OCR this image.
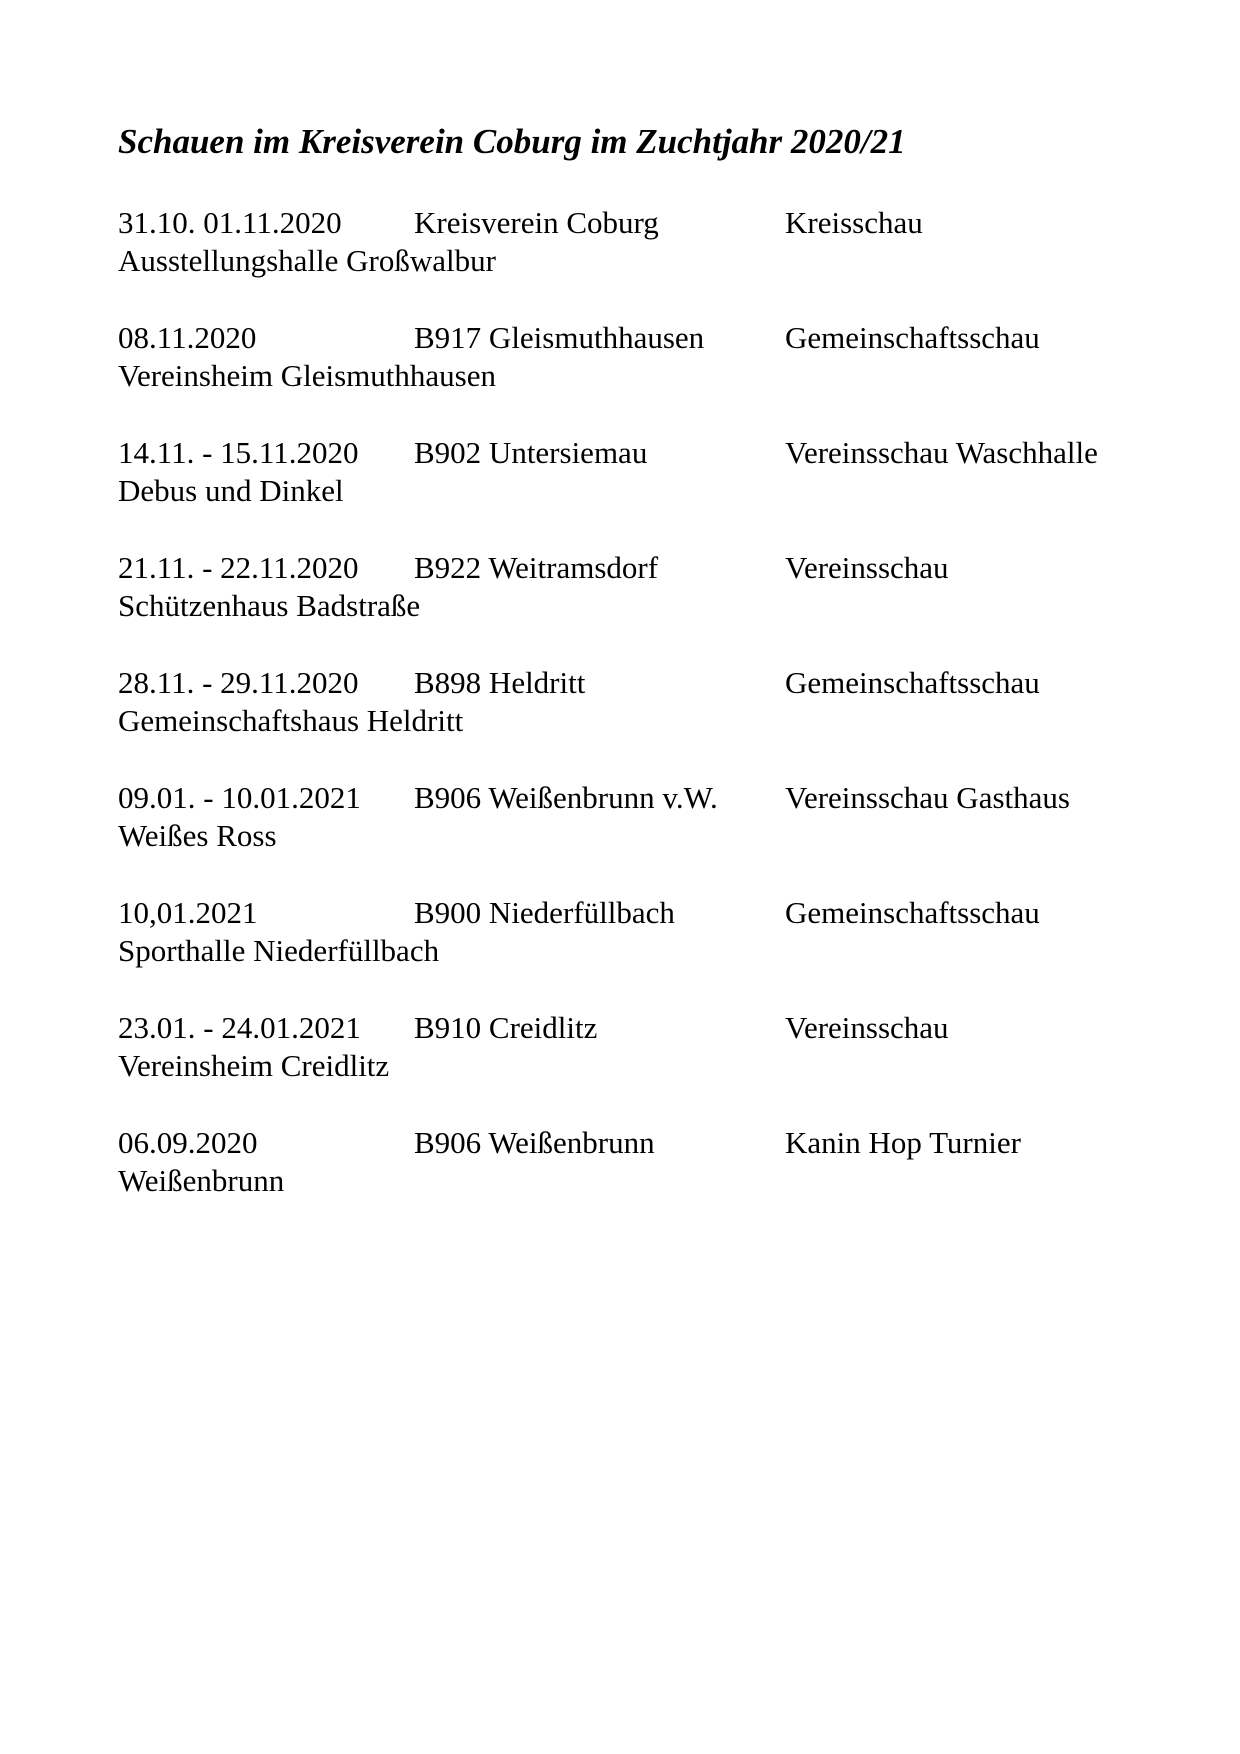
Schauen im Kreisverein Coburg im Zuchtjahr 2020/21
31.10. 01.11.2020 Kreisverein Coburg	Kreisschau
Ausstellungshalle Großwalbur
08.11.2020	B917 Gleismuthhausen	Gemeinschaftsschau
Vereinsheim Gleismuthhausen
14.11. - 15.11.2020 B902 Untersiemau	Vereinsschau Waschhalle
Debus und Dinkel
21.11. - 22.11.2020 B922 Weitramsdorf	Vereinsschau
Schützenhaus Badstraße
28.11. - 29.11.2020 B898 Heldritt	Gemeinschaftsschau
Gemeinschaftshaus Heldritt
09.01. - 10.01.2021 B906 Weißenbrunn v.W. Vereinsschau Gasthaus
Weißes Ross
10,01.2021	B900 Niederfüllbach	Gemeinschaftsschau
Sporthalle Niederfüllbach
23.01. - 24.01.2021 B910 Creidlitz	Vereinsschau
Vereinsheim Creidlitz
06.09.2020	B906 Weißenbrunn	Kanin Hop Turnier
Weißenbrunn
